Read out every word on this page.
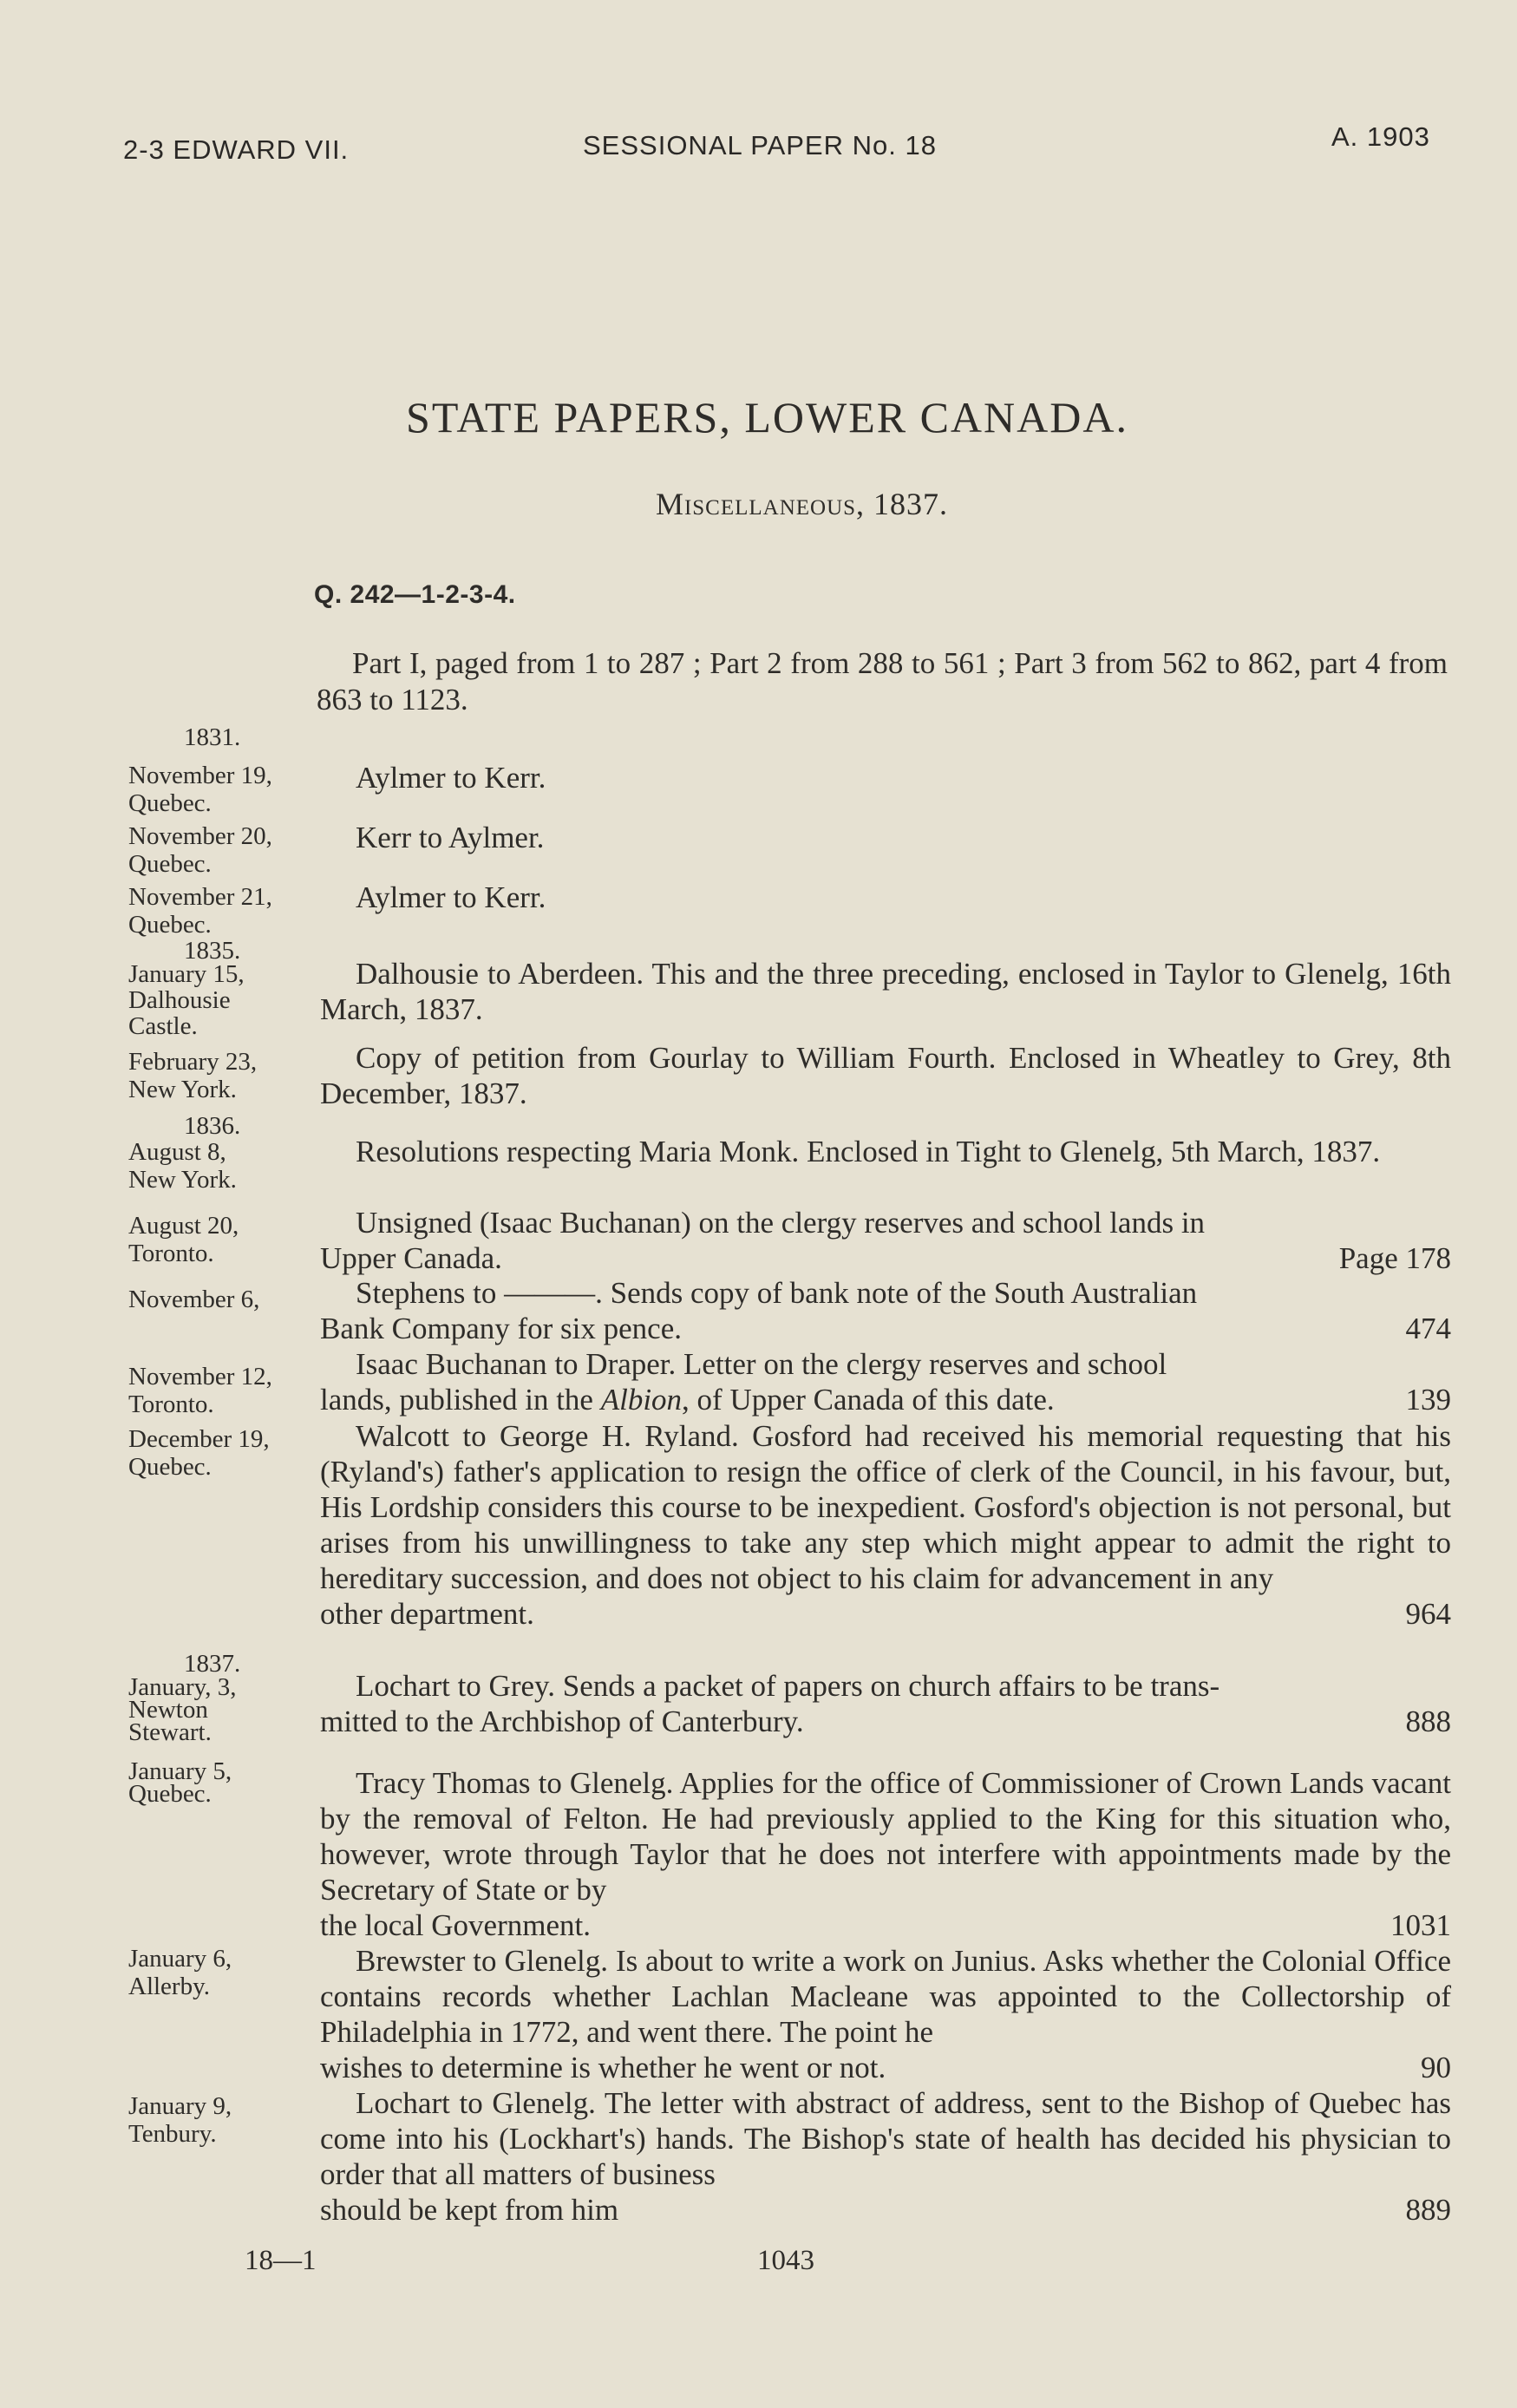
2-3 EDWARD VII.	SESSIONAL PAPER No. 18	A. 1903
STATE PAPERS, LOWER CANADA.
Miscellaneous, 1837.
Q. 242—1-2-3-4.
Part I, paged from 1 to 287 ; Part 2 from 288 to 561 ; Part 3 from 562 to 862, part 4 from 863 to 1123.
1831.
November 19,
Quebec.
Aylmer to Kerr.
November 20,
Quebec.
Kerr to Aylmer.
November 21,
Quebec.
Aylmer to Kerr.
1835.
January 15,
Dalhousie Castle.
Dalhousie to Aberdeen. This and the three preceding, enclosed in Taylor to Glenelg, 16th March, 1837.
February 23,
New York.
Copy of petition from Gourlay to William Fourth. Enclosed in Wheatley to Grey, 8th December, 1837.
1836.
August 8,
New York.
Resolutions respecting Maria Monk. Enclosed in Tight to Glenelg, 5th March, 1837.
August 20,
Toronto.
Unsigned (Isaac Buchanan) on the clergy reserves and school lands in
Upper Canada.	Page 178
November 6,	Stephens to ———. Sends copy of bank note of the South Australian
Bank Company for six pence.	474
November 12,
Toronto.
Isaac Buchanan to Draper. Letter on the clergy reserves and school
lands, published in the Albion, of Upper Canada of this date.	139
December 19,
Quebec.
Walcott to George H. Ryland. Gosford had received his memorial requesting that his (Ryland's) father's application to resign the office of clerk of the Council, in his favour, but, His Lordship considers this course to be inexpedient. Gosford's objection is not personal, but arises from his unwillingness to take any step which might appear to admit the right to hereditary succession, and does not object to his claim for advancement in any
other department.	964
1837.
January, 3,
Newton Stewart.
Lochart to Grey. Sends a packet of papers on church affairs to be trans-
mitted to the Archbishop of Canterbury.	888
January 5,
Quebec.	Tracy Thomas to Glenelg. Applies for the office of Commissioner of Crown Lands vacant by the removal of Felton. He had previously applied to the King for this situation who, however, wrote through Taylor that he does not interfere with appointments made by the Secretary of State or by
the local Government.	1031
January 6,
Allerby.
Brewster to Glenelg. Is about to write a work on Junius. Asks whether the Colonial Office contains records whether Lachlan Macleane was appointed to the Collectorship of Philadelphia in 1772, and went there. The point he
wishes to determine is whether he went or not.	90
January 9,
Tenbury.
Lochart to Glenelg. The letter with abstract of address, sent to the Bishop of Quebec has come into his (Lockhart's) hands. The Bishop's state of health has decided his physician to order that all matters of business
should be kept from him	889
18—1	1043
